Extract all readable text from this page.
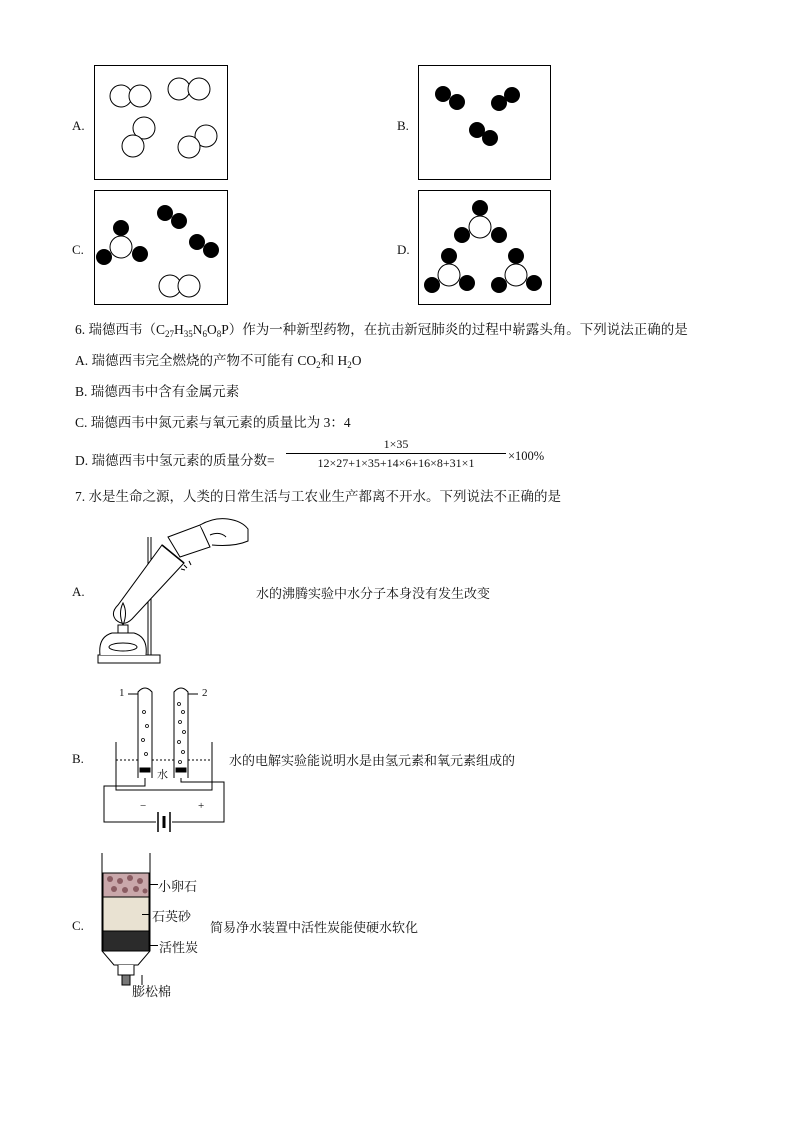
A.	B.
C.	D.
6. 瑞德西韦$(C_{27}H_{35}N_6O_8P)$作为一种新型药物，在抗击新冠肺炎的过程中崭露头角。下列说法正确的是
A. 瑞德西韦完全燃烧的产物不可能有 $CO_2$和 $H_2O$
B. 瑞德西韦中含有金属元素
C. 瑞德西韦中氮元素与氧元素的质量比为 3：4
D. 瑞德西韦中氢元素的质量分数= $\frac{1\times 35}{12\times 27+1\times 35+14\times 6+16\times 8+31\times 1} \times 100\%$
7. 水是生命之源，人类的日常生活与工农业生产都离不开水。下列说法不正确的是
A.	水的沸腾实验中水分子本身没有发生改变
B.
1	2
水
−	+
水的电解实验能说明水是由氢元素和氧元素组成的
C.
小卵石
石英砂
活性炭
膨松棉
简易净水装置中活性炭能使硬水软化
